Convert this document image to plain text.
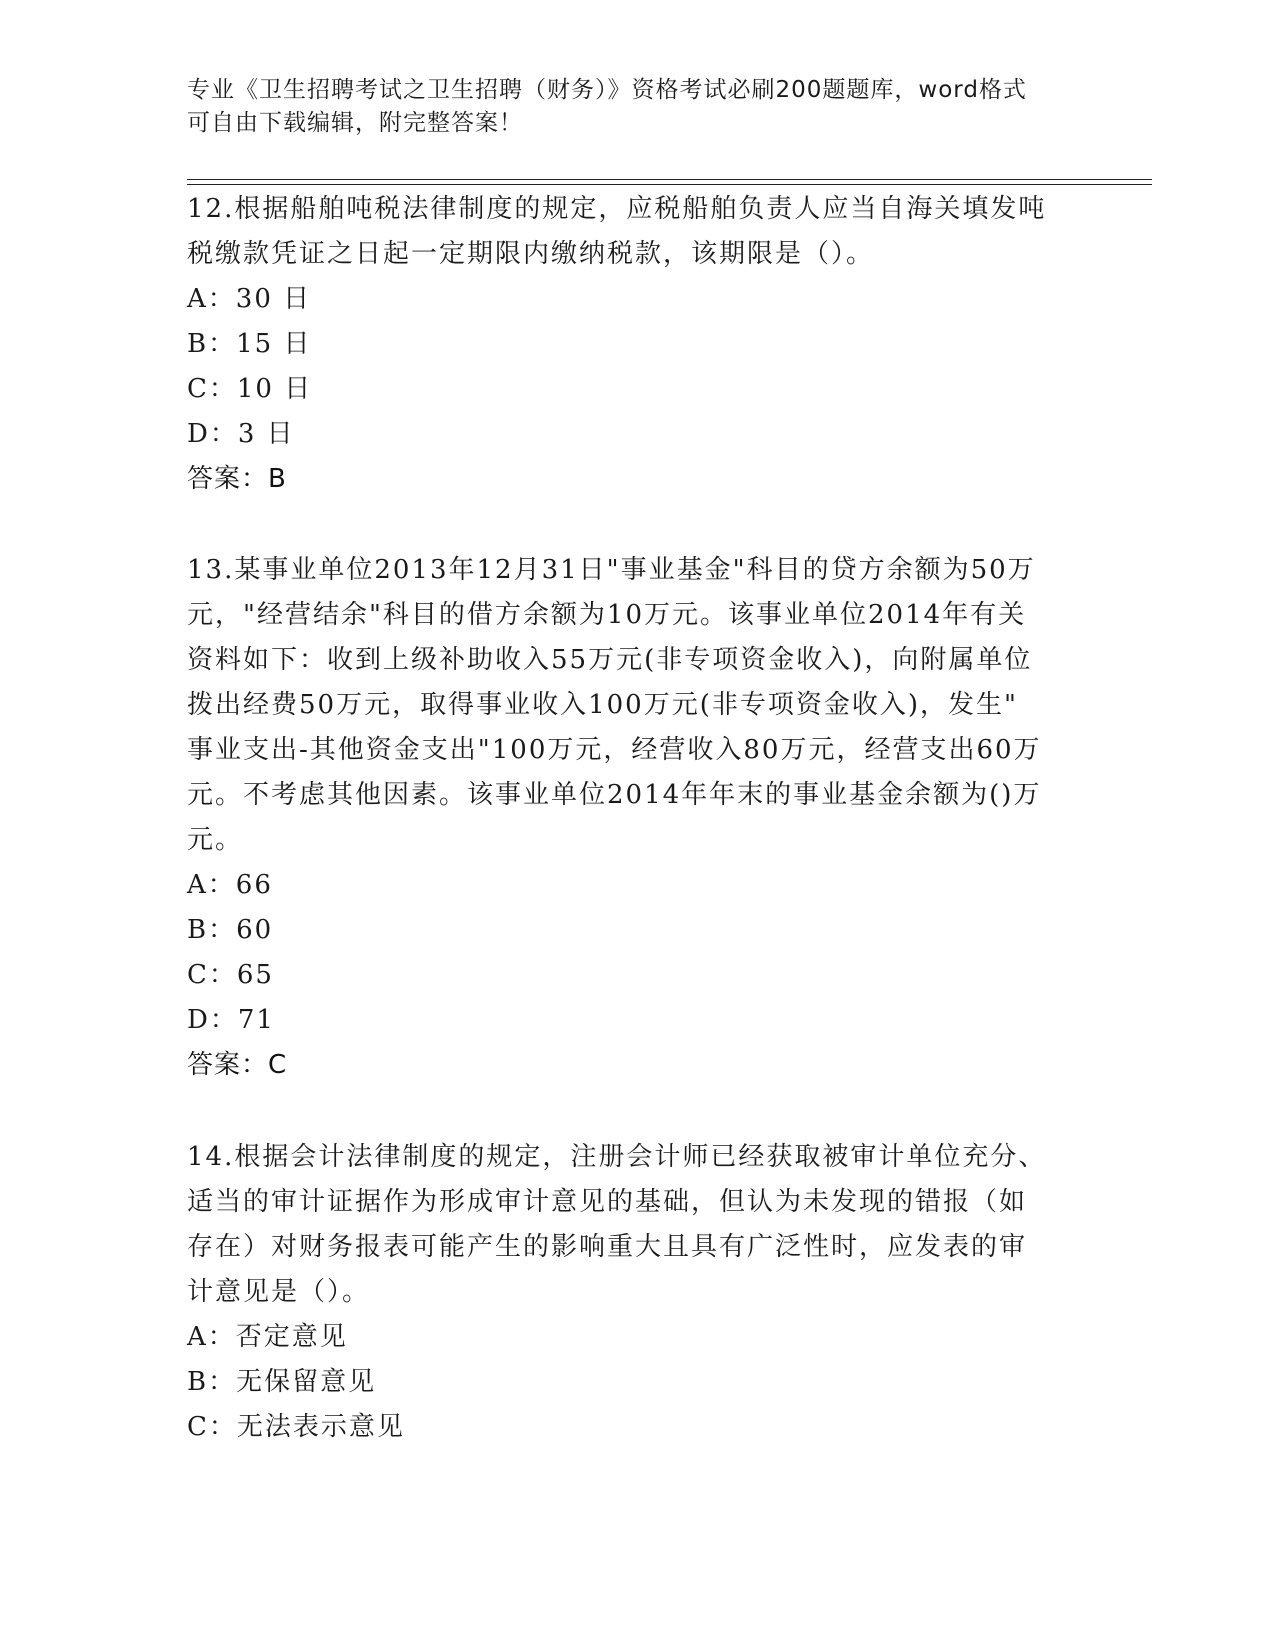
专业《卫生招聘考试之卫生招聘（财务）》资格考试必刷200题题库，word格式
可自由下载编辑，附完整答案！
12.根据船舶吨税法律制度的规定，应税船舶负责人应当自海关填发吨
税缴款凭证之日起一定期限内缴纳税款，该期限是（）。
A：30 日
B：15 日
C：10 日
D：3 日
答案：B
13.某事业单位2013年12月31日"事业基金"科目的贷方余额为50万
元，"经营结余"科目的借方余额为10万元。该事业单位2014年有关
资料如下：收到上级补助收入55万元(非专项资金收入)，向附属单位
拨出经费50万元，取得事业收入100万元(非专项资金收入)，发生"
事业支出-其他资金支出"100万元，经营收入80万元，经营支出60万
元。不考虑其他因素。该事业单位2014年年末的事业基金余额为()万
元。
A：66
B：60
C：65
D：71
答案：C
14.根据会计法律制度的规定，注册会计师已经获取被审计单位充分、
适当的审计证据作为形成审计意见的基础，但认为未发现的错报（如
存在）对财务报表可能产生的影响重大且具有广泛性时，应发表的审
计意见是（）。
A：否定意见
B：无保留意见
C：无法表示意见
